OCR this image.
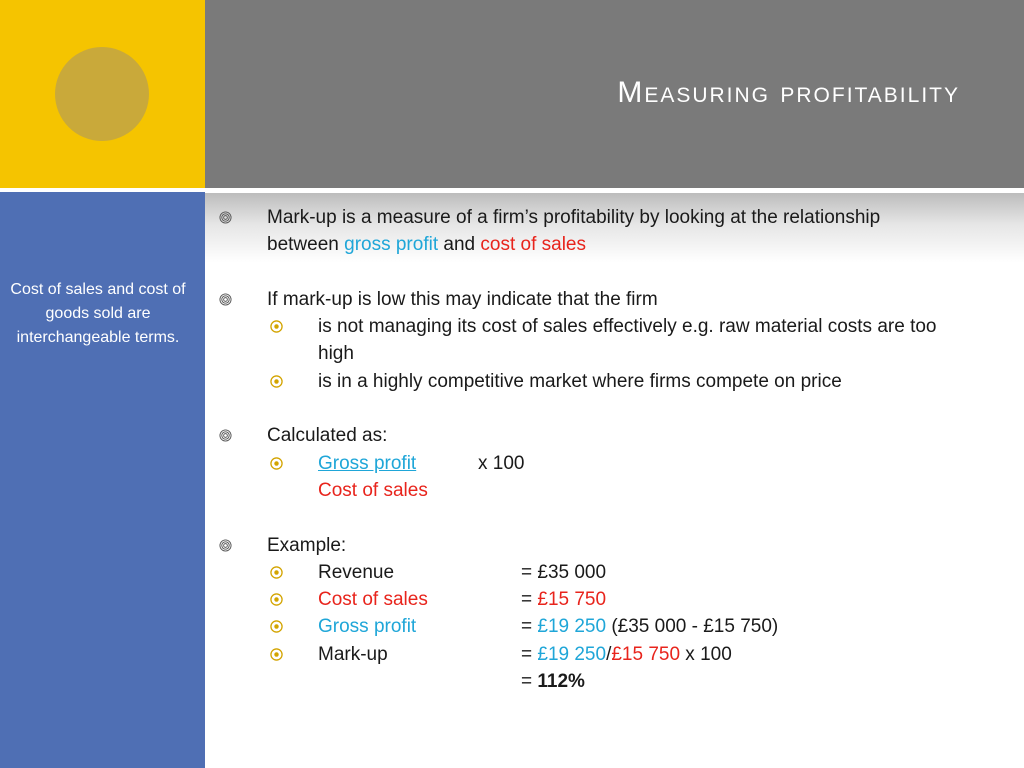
Measuring profitability
Cost of sales and cost of goods sold are interchangeable terms.
Mark-up is a measure of a firm’s profitability by looking at the relationship
between gross profit and cost of sales
If mark-up is low this may indicate that the firm
is not managing its cost of sales effectively e.g. raw material costs are too
high
is in a highly competitive market where firms compete on price
Calculated as:
Gross profit	x 100
Cost of sales
Example:
Revenue	= £35 000
Cost of sales	= £15 750
Gross profit	= £19 250 (£35 000 - £15 750)
Mark-up	= £19 250/£15 750 x 100
= 112%
